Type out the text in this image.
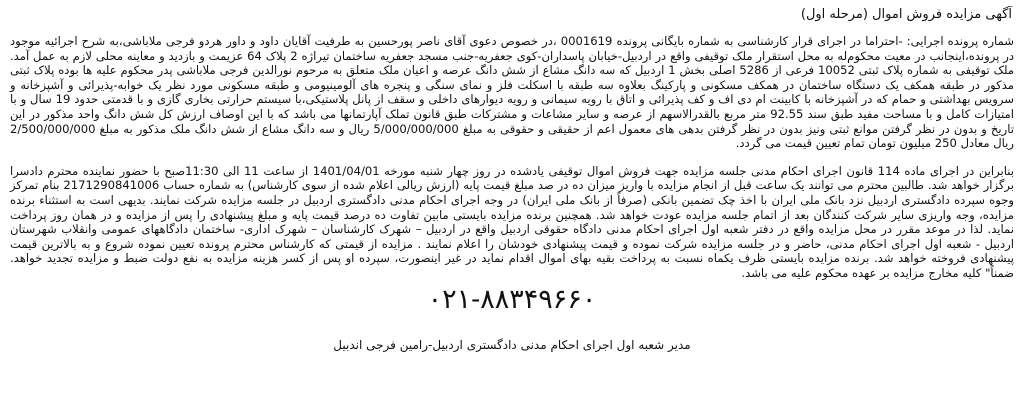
آگهی مزایده فروش اموال (مرحله اول)

شماره پرونده اجرایی: -احتراما در اجرای قرار کارشناسی به شماره بایگانی پرونده 0001619 ،در خصوص دعوی آقای ناصر پورحسین به طرفیت آقایان داود و داور هردو فرجی ملاباشی،به شرح اجرائیه موجود در پرونده،اینجانب در معیت محکوم‌له به محل استقرار ملک توقیفی واقع در اردبیل-خیابان پاسداران-کوی جعفریه-جنب مسجد جعفریه ساختمان تیراژه 2 پلاک 64 عزیمت و بازدید و معاینه محلی لازم به عمل آمد. ملک توقیفی به شماره پلاک ثبتی 10052 فرعی از 5286 اصلی بخش 1 اردبیل که سه دانگ مشاع از شش دانگ عرصه و اعیان ملک متعلق به مرحوم نورالدین فرجی ملاباشی پدر محکوم علیه ها بوده پلاک ثبتی مذکور در طبقه همکف یک دستگاه ساختمان در همکف مسکونی و پارکینگ بعلاوه سه طبقه با اسکلت فلز و نمای سنگی و پنجره های آلومینیومی و طبقه مسکونی مورد نظر یک خوابه-پذیرائی و آشپزخانه و سرویس بهداشتی و حمام که در آشپزخانه با کابینت ام دی اف و کف پذیرائی و اتاق با رویه سیمانی و رویه دیوارهای داخلی و سقف از پانل پلاستیکی،با سیستم حرارتی بخاری گازی و با قدمتی حدود 19 سال و با امتیازات کامل و با مساحت مفید طبق سند 92.55 متر مربع بالقدرالاسهم از عرصه و سایر مشاعات و مشترکات طبق قانون تملک آپارتمانها می باشد که با این اوصاف ارزش کل شش دانگ واحد مذکور در این تاریخ و بدون در نظر گرفتن موانع ثبتی ونیز بدون در نظر گرفتن بدهی های معمول اعم از حقیقی و حقوقی به مبلغ 5/000/000/000 ریال و سه دانگ مشاع از شش دانگ ملک مذکور به مبلغ 2/500/000/000 ریال معادل 250 میلیون تومان تمام تعیین قیمت می گردد.

بنابراین در اجرای ماده 114 قانون اجرای احکام مدنی جلسه مزایده جهت فروش اموال توقیفی یادشده در روز چهار شنبه مورخه 1401/04/01 از ساعت 11 الی 11:30صبح با حضور نماینده محترم دادسرا برگزار خواهد شد. طالبین محترم می توانند یک ساعت قبل از انجام مزایده با واریز میزان ده در صد مبلغ قیمت پایه (ارزش ریالی اعلام شده از سوی کارشناس) به شماره حساب 2171290841006 بنام تمرکز وجوه سپرده دادگستری اردبیل نزد بانک ملی ایران با اخذ چک تضمین بانکی (صرفاً از بانک ملی ایران) در وجه اجرای احکام مدنی دادگستری اردبیل در جلسه مزایده شرکت نمایند. بدیهی است به استثناء برنده مزایده، وجه واریزی سایر شرکت کنندگان بعد از اتمام جلسه مزایده عودت خواهد شد. همچنین برنده مزایده بایستی مابین تفاوت ده درصد قیمت پایه و مبلغ پیشنهادی را پس از مزایده و در همان روز پرداخت نماید. لذا در موعد مقرر در محل مزایده واقع در دفتر شعبه اول اجرای احکام مدنی دادگاه حقوقی اردبیل واقع در اردبیل – شهرک کارشناسان – شهرک اداری- ساختمان دادگاههای عمومی وانقلاب شهرستان اردبیل - شعبه اول اجرای احکام مدنی، حاضر و در جلسه مزایده شرکت نموده و قیمت پیشنهادی خودشان را اعلام نمایند . مزایده از قیمتی که کارشناس محترم پرونده تعیین نموده شروع و به بالاترین قیمت پیشنهادی فروخته خواهد شد. برنده مزایده بایستی ظرف یکماه نسبت به پرداخت بقیه بهای اموال اقدام نماید در غیر اینصورت، سپرده او پس از کسر هزینه مزایده به نفع دولت ضبط و مزایده تجدید خواهد. ضمناً" کلیه مخارج مزایده بر عهده محکوم علیه می باشد.

۰۲۱-۸۸۳۴۹۶۶۰
مدیر شعبه اول اجرای احکام مدنی دادگستری اردبیل-رامین فرجی اندبیل
